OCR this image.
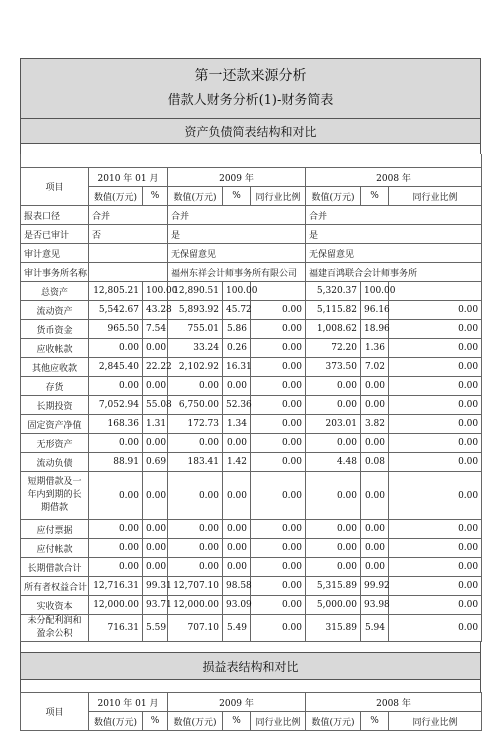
第一还款来源分析
借款人财务分析(1)-财务简表
资产负债简表结构和对比

项目	2010 年 01 月		2009 年			2008 年		
	数值(万元)	%	数值(万元)	%	同行业比例	数值(万元)	%	同行业比例
报表口径	合并		合并			合并		
是否已审计	否		是			是		
审计意见			无保留意见			无保留意见		
审计事务所名称			福州东祥会计师事务所有限公司			福建百鸿联合会计师事务所		
总资产	12,805.21	100.00	12,890.51	100.00		5,320.37	100.00	
流动资产	5,542.67	43.28	5,893.92	45.72	0.00	5,115.82	96.16	0.00
货币资金	965.50	7.54	755.01	5.86	0.00	1,008.62	18.96	0.00
应收帐款	0.00	0.00	33.24	0.26	0.00	72.20	1.36	0.00
其他应收款	2,845.40	22.22	2,102.92	16.31	0.00	373.50	7.02	0.00
存货	0.00	0.00	0.00	0.00	0.00	0.00	0.00	0.00
长期投资	7,052.94	55.08	6,750.00	52.36	0.00	0.00	0.00	0.00
固定资产净值	168.36	1.31	172.73	1.34	0.00	203.01	3.82	0.00
无形资产	0.00	0.00	0.00	0.00	0.00	0.00	0.00	0.00
流动负债	88.91	0.69	183.41	1.42	0.00	4.48	0.08	0.00
短期借款及一年内到期的长期借款	0.00	0.00	0.00	0.00	0.00	0.00	0.00	0.00
应付票据	0.00	0.00	0.00	0.00	0.00	0.00	0.00	0.00
应付帐款	0.00	0.00	0.00	0.00	0.00	0.00	0.00	0.00
长期借款合计	0.00	0.00	0.00	0.00	0.00	0.00	0.00	0.00
所有者权益合计	12,716.31	99.31	12,707.10	98.58	0.00	5,315.89	99.92	0.00
实收资本	12,000.00	93.71	12,000.00	93.09	0.00	5,000.00	93.98	0.00
未分配利润和盈余公积	716.31	5.59	707.10	5.49	0.00	315.89	5.94	0.00
损益表结构和对比
项目	2010 年 01 月		2009 年			2008 年		
	数值(万元)	%	数值(万元)	%	同行业比例	数值(万元)	%	同行业比例
